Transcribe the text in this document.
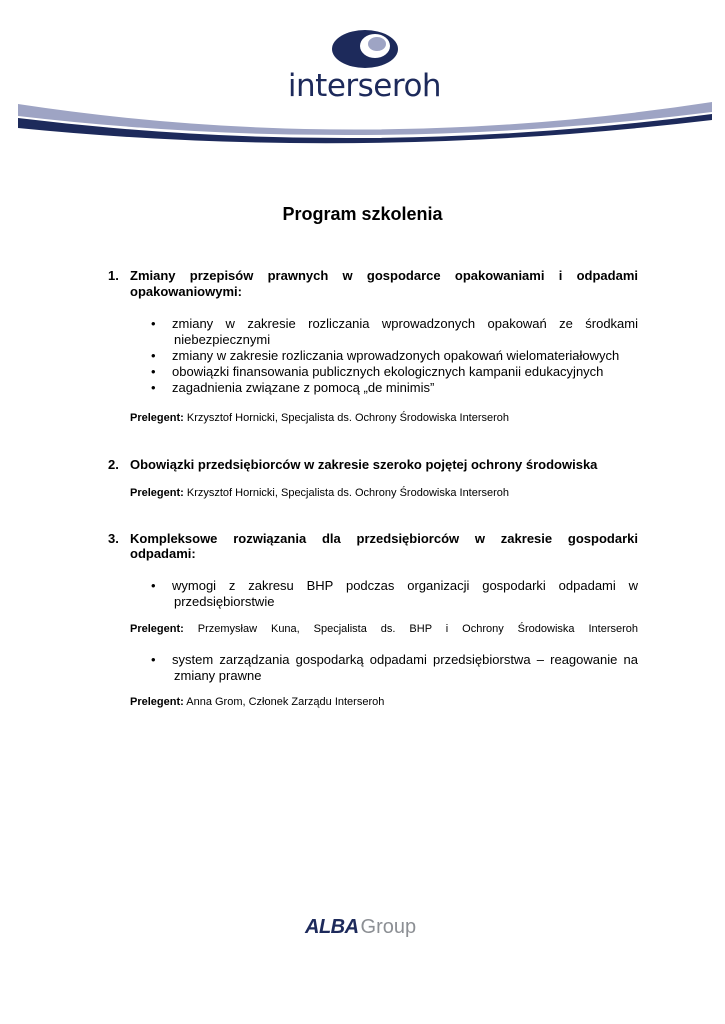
interseroh
Program szkolenia
1. Zmiany przepisów prawnych w gospodarce opakowaniami i odpadami
opakowaniowymi:
• zmiany w zakresie rozliczania wprowadzonych opakowań ze środkami
niebezpiecznymi
• zmiany w zakresie rozliczania wprowadzonych opakowań wielomateriałowych
• obowiązki finansowania publicznych ekologicznych kampanii edukacyjnych
• zagadnienia związane z pomocą „de minimis”
Prelegent: Krzysztof Hornicki, Specjalista ds. Ochrony Środowiska Interseroh
2. Obowiązki przedsiębiorców w zakresie szeroko pojętej ochrony środowiska
Prelegent: Krzysztof Hornicki, Specjalista ds. Ochrony Środowiska Interseroh
3. Kompleksowe rozwiązania dla przedsiębiorców w zakresie gospodarki
odpadami:
• wymogi z zakresu BHP podczas organizacji gospodarki odpadami w
przedsiębiorstwie
Prelegent: Przemysław Kuna, Specjalista ds. BHP i Ochrony Środowiska Interseroh
• system zarządzania gospodarką odpadami przedsiębiorstwa – reagowanie na
zmiany prawne
Prelegent: Anna Grom, Członek Zarządu Interseroh
ALBA Group
